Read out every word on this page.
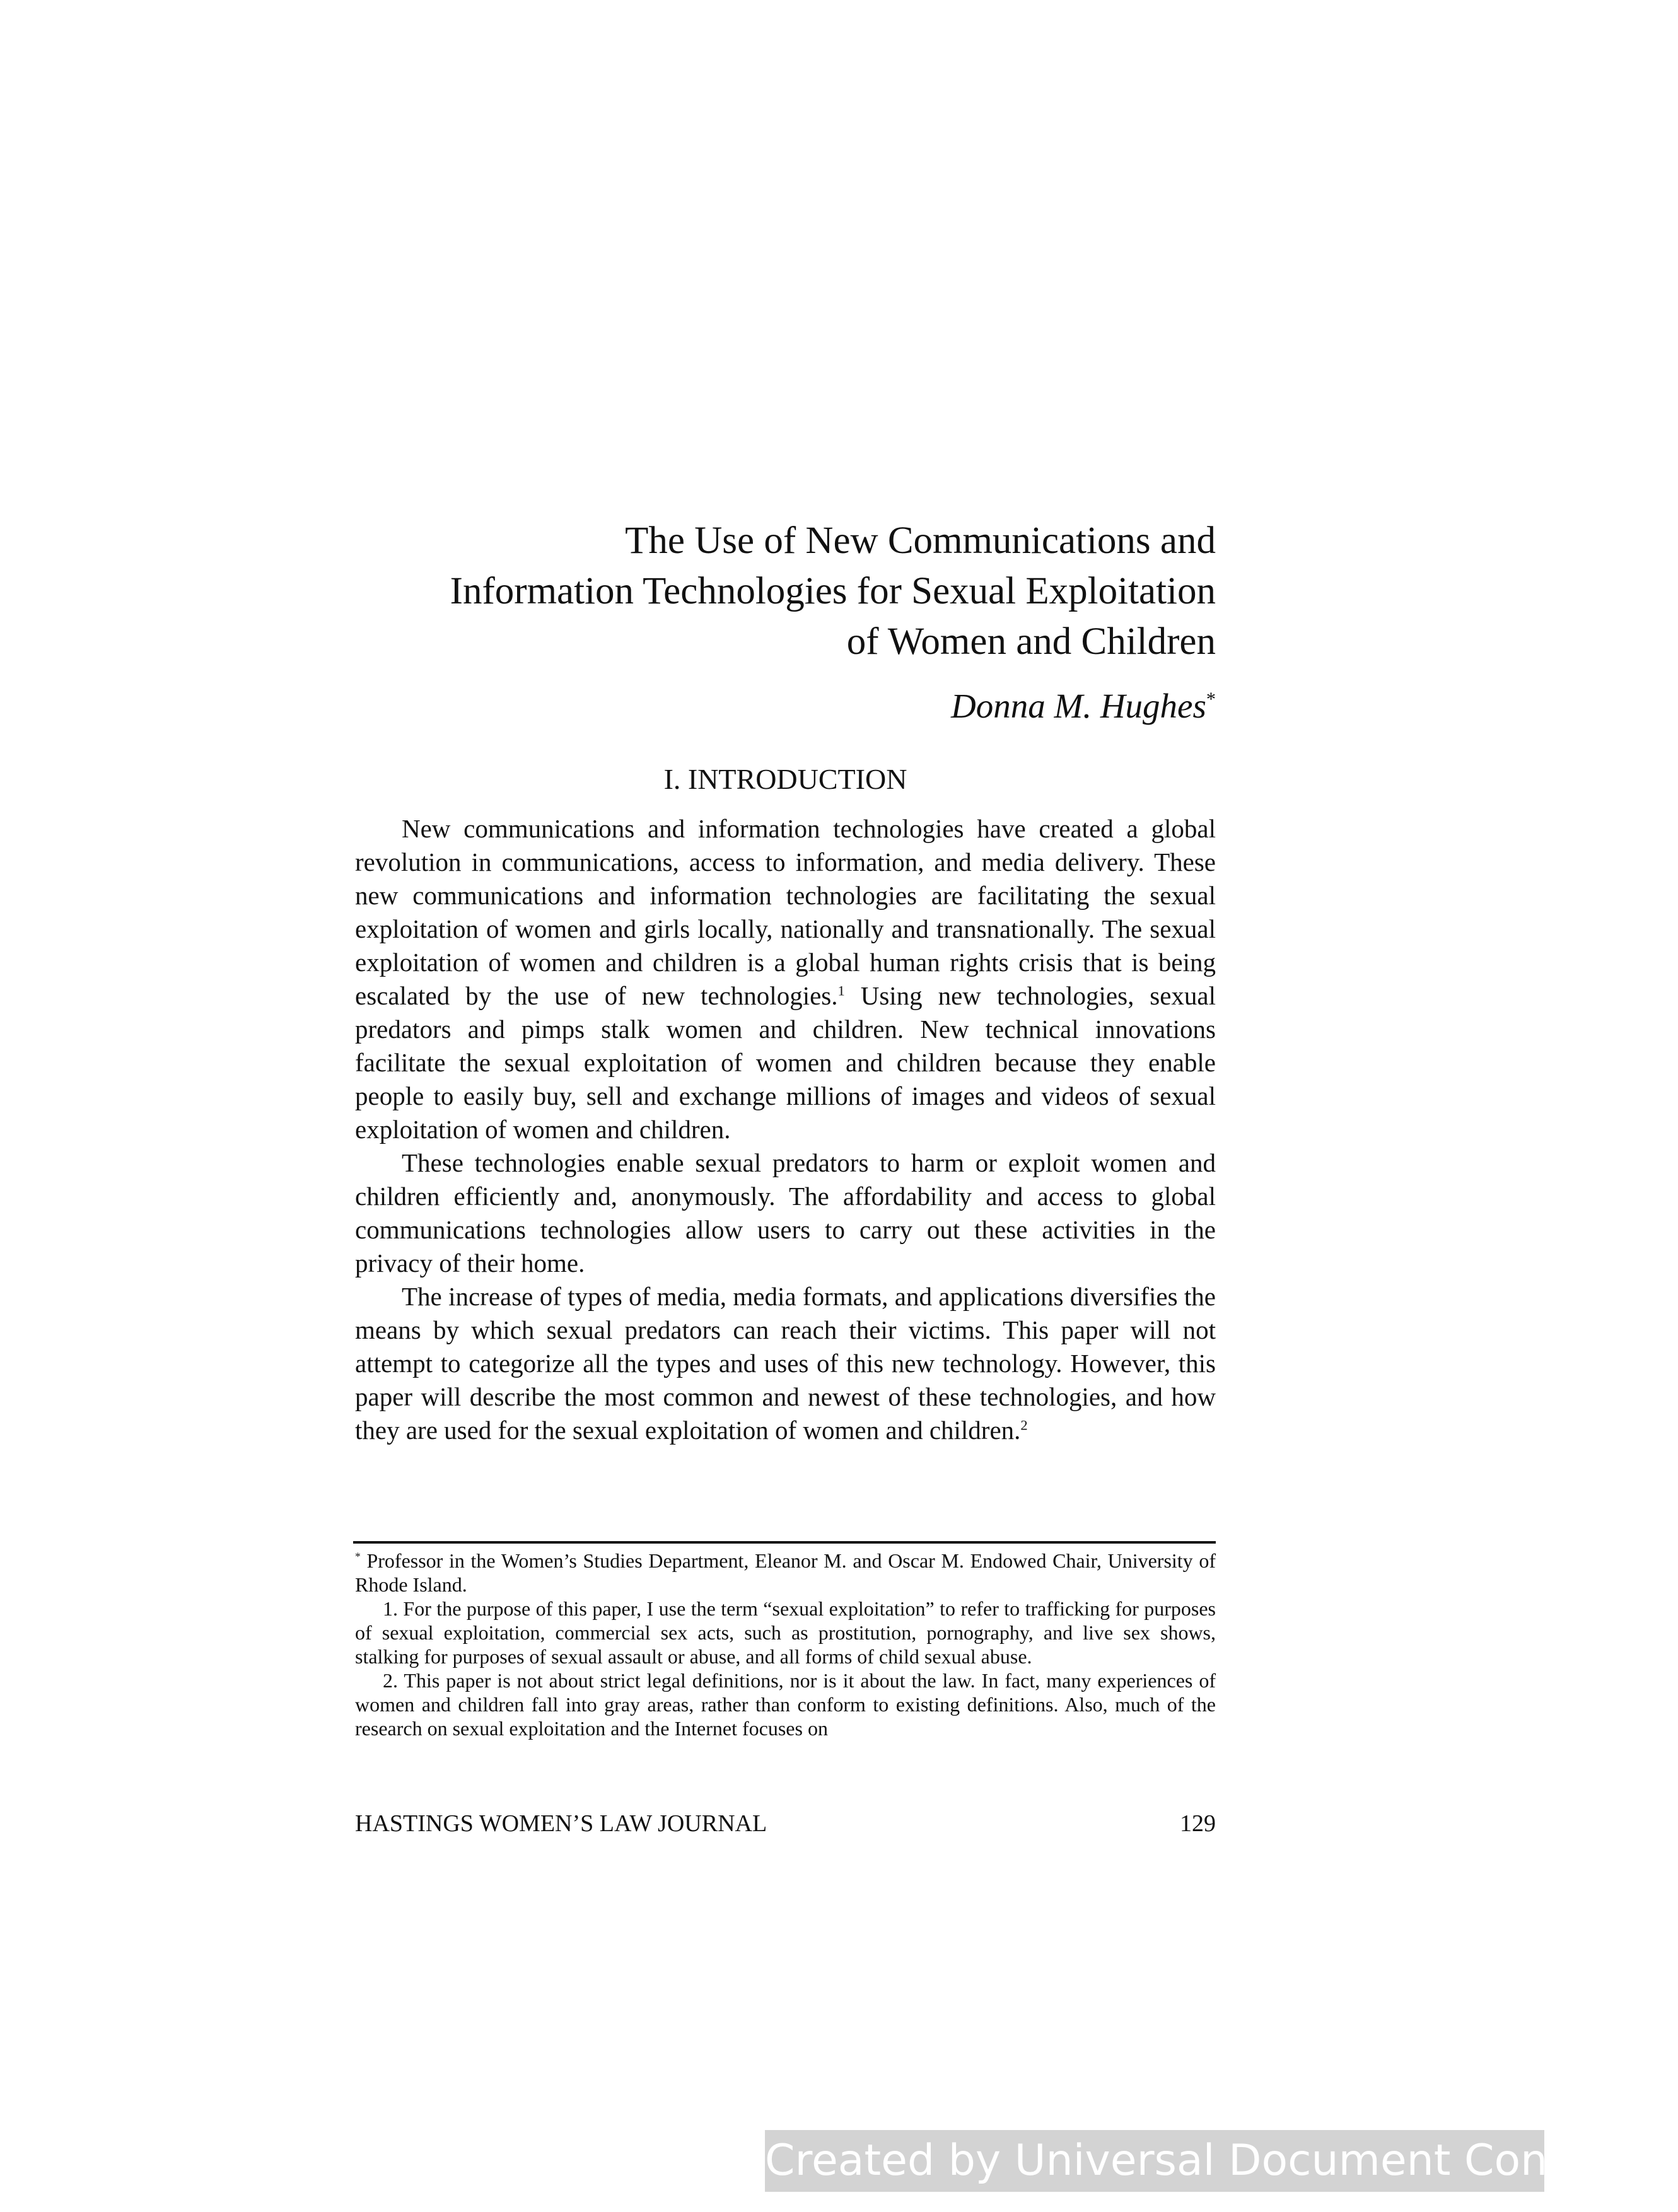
The Use of New Communications and
Information Technologies for Sexual Exploitation
of Women and Children
Donna M. Hughes*
I. INTRODUCTION

New communications and information technologies have created a global revolution in communications, access to information, and media delivery. These new communications and information technologies are facilitating the sexual exploitation of women and girls locally, nationally and transnationally. The sexual exploitation of women and children is a global human rights crisis that is being escalated by the use of new technologies.$^1$ Using new technologies, sexual predators and pimps stalk women and children. New technical innovations facilitate the sexual exploitation of women and children because they enable people to easily buy, sell and exchange millions of images and videos of sexual exploitation of women and children.

These technologies enable sexual predators to harm or exploit women and children efficiently and, anonymously. The affordability and access to global communications technologies allow users to carry out these activities in the privacy of their home.

The increase of types of media, media formats, and applications diversifies the means by which sexual predators can reach their victims. This paper will not attempt to categorize all the types and uses of this new technology. However, this paper will describe the most common and newest of these technologies, and how they are used for the sexual exploitation of women and children.$^2$

* Professor in the Women’s Studies Department, Eleanor M. and Oscar M. Endowed Chair, University of Rhode Island.

1. For the purpose of this paper, I use the term “sexual exploitation” to refer to trafficking for purposes of sexual exploitation, commercial sex acts, such as prostitution, pornography, and live sex shows, stalking for purposes of sexual assault or abuse, and all forms of child sexual abuse.

2. This paper is not about strict legal definitions, nor is it about the law. In fact, many experiences of women and children fall into gray areas, rather than conform to existing definitions. Also, much of the research on sexual exploitation and the Internet focuses on

HASTINGS WOMEN’S LAW JOURNAL	129
Created by Universal Document Converter
